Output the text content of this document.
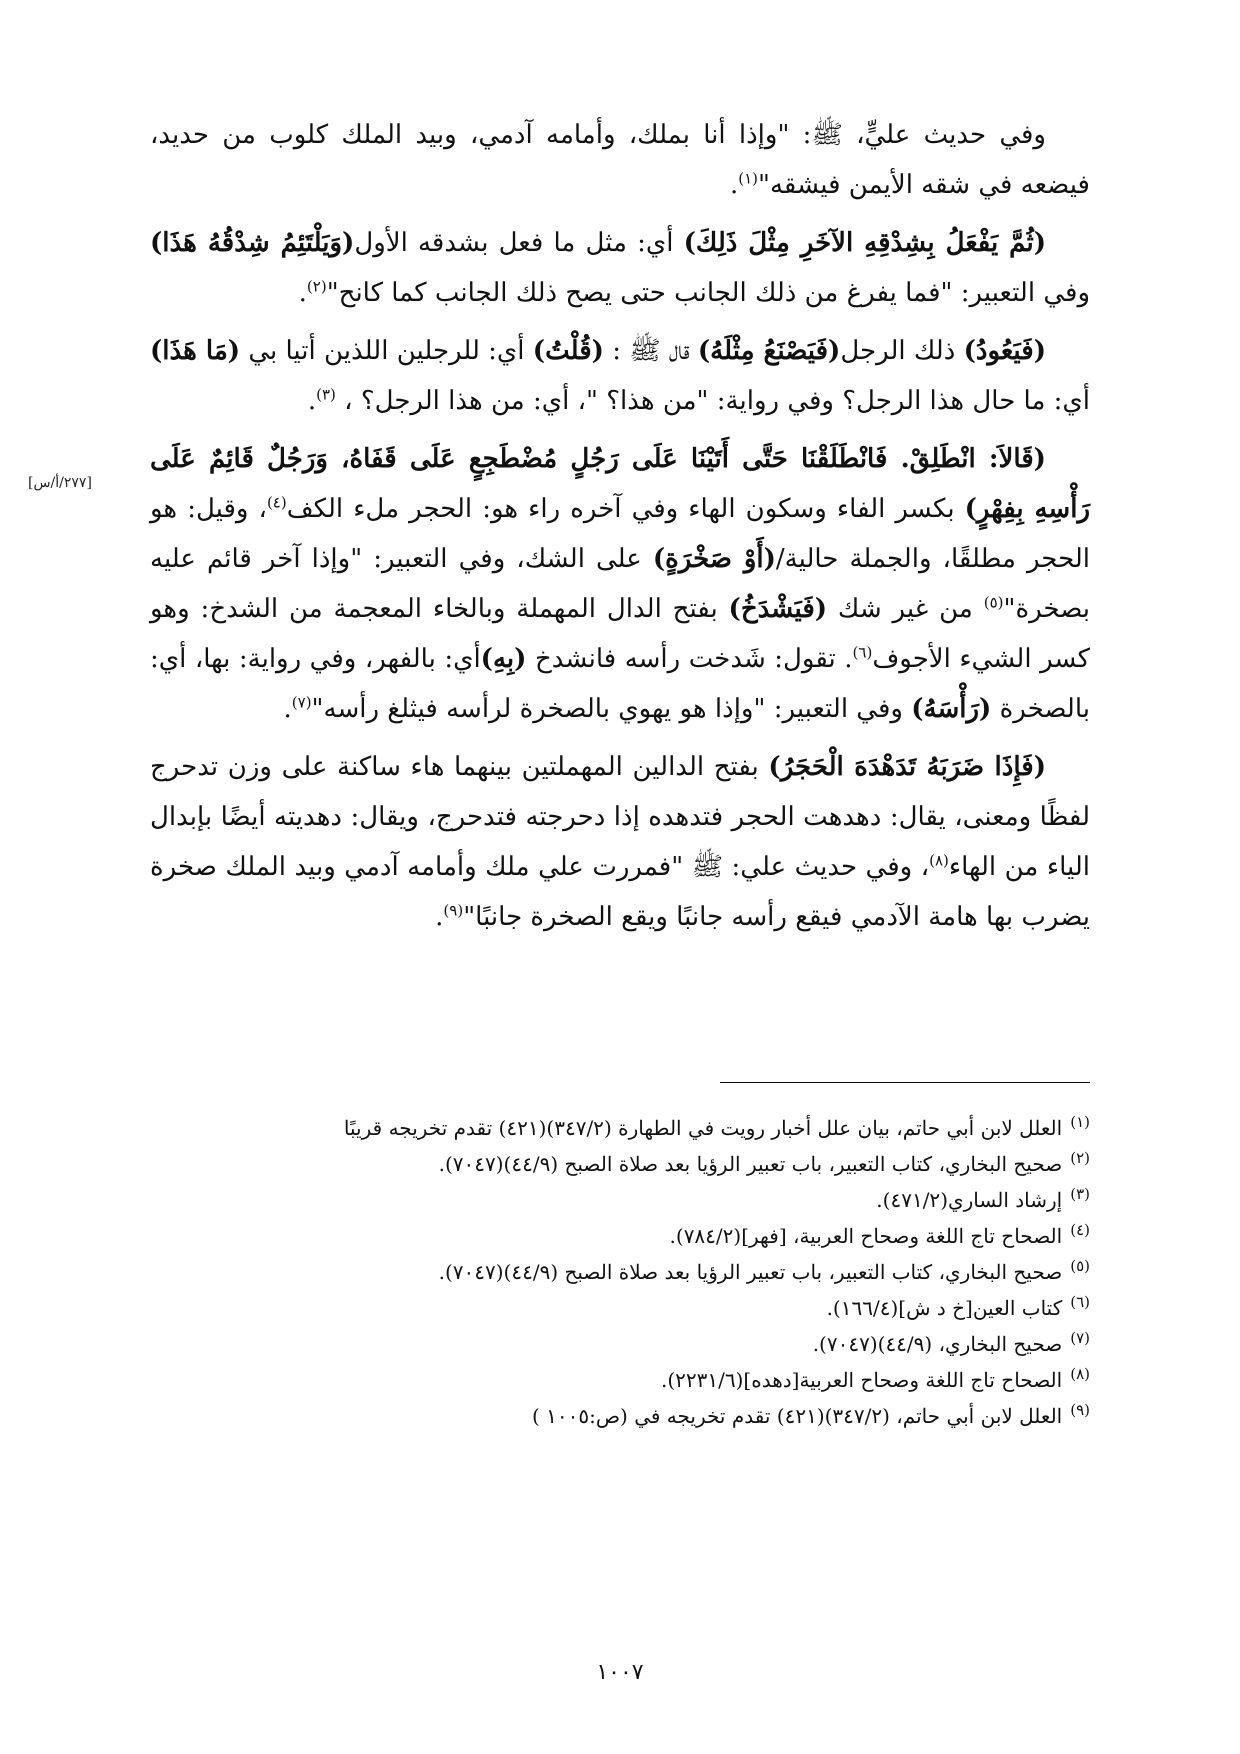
وفي حديث عليٍّ، ﷺ: "وإذا أنا بملك، وأمامه آدمي، وبيد الملك كلوب من حديد، فيضعه في شقه الأيمن فيشقه"$^{(١)}$.

(ثُمَّ يَفْعَلُ بِشِدْقِهِ الآخَرِ مِثْلَ ذَلِكَ) أي: مثل ما فعل بشدقه الأول(وَيَلْتَئِمُ شِدْقُهُ هَذَا) وفي التعبير: "فما يفرغ من ذلك الجانب حتى يصح ذلك الجانب كما كانح"$^{(٢)}$.

(فَيَعُودُ) ذلك الرجل(فَيَصْنَعُ مِثْلَهُ) قال ﷺ : (قُلْتُ) أي: للرجلين اللذين أتيا بي (مَا هَذَا) أي: ما حال هذا الرجل؟ وفي رواية: "من هذا؟ "، أي: من هذا الرجل؟ ، $^{(٣)}$.

(قَالاَ: انْطَلِقْ. فَانْطَلَقْنَا حَتَّى أَتَيْنَا عَلَى رَجُلٍ مُضْطَجِعٍ عَلَى قَفَاهُ، وَرَجُلٌ قَائِمٌ عَلَى رَأْسِهِ بِفِهْرٍ) بكسر الفاء وسكون الهاء وفي آخره راء هو: الحجر ملء الكف$^{(٤)}$، وقيل: هو الحجر مطلقًا، والجملة حالية/(أَوْ صَخْرَةٍ) على الشك، وفي التعبير: "وإذا آخر قائم عليه بصخرة"$^{(٥)}$ من غير شك (فَيَشْدَخُ) بفتح الدال المهملة وبالخاء المعجمة من الشدخ: وهو كسر الشيء الأجوف$^{(٦)}$. تقول: شَدخت رأسه فانشدخ (بِهِ)أي: بالفهر، وفي رواية: بها، أي: بالصخرة (رَأْسَهُ) وفي التعبير: "وإذا هو يهوي بالصخرة لرأسه فيثلغ رأسه"$^{(٧)}$.

(فَإِذَا ضَرَبَهُ تَدَهْدَهَ الْحَجَرُ) بفتح الدالين المهملتين بينهما هاء ساكنة على وزن تدحرج لفظًا ومعنى، يقال: دهدهت الحجر فتدهده إذا دحرجته فتدحرج، ويقال: دهديته أيضًا بإبدال الياء من الهاء$^{(٨)}$، وفي حديث علي: ﷺ "فمررت علي ملك وأمامه آدمي وبيد الملك صخرة يضرب بها هامة الآدمي فيقع رأسه جانبًا ويقع الصخرة جانبًا"$^{(٩)}$.

[٢٧٧/أ/س]
$^{(١)}$العلل لابن أبي حاتم، بيان علل أخبار رويت في الطهارة (٣٤٧/٢)(٤٢١) تقدم تخريجه قريبًا
$^{(٢)}$صحيح البخاري، كتاب التعبير، باب تعبير الرؤيا بعد صلاة الصبح (٤٤/٩)(٧٠٤٧).
$^{(٣)}$إرشاد الساري(٤٧١/٢).
$^{(٤)}$الصحاح تاج اللغة وصحاح العربية، [فهر](٧٨٤/٢).
$^{(٥)}$صحيح البخاري، كتاب التعبير، باب تعبير الرؤيا بعد صلاة الصبح (٤٤/٩)(٧٠٤٧).
$^{(٦)}$كتاب العين[خ د ش](١٦٦/٤).
$^{(٧)}$صحيح البخاري، (٤٤/٩)(٧٠٤٧).
$^{(٨)}$الصحاح تاج اللغة وصحاح العربية[دهده](٢٢٣١/٦).
$^{(٩)}$العلل لابن أبي حاتم، (٣٤٧/٢)(٤٢١) تقدم تخريجه في (ص:١٠٠٥ )
١٠٠٧
